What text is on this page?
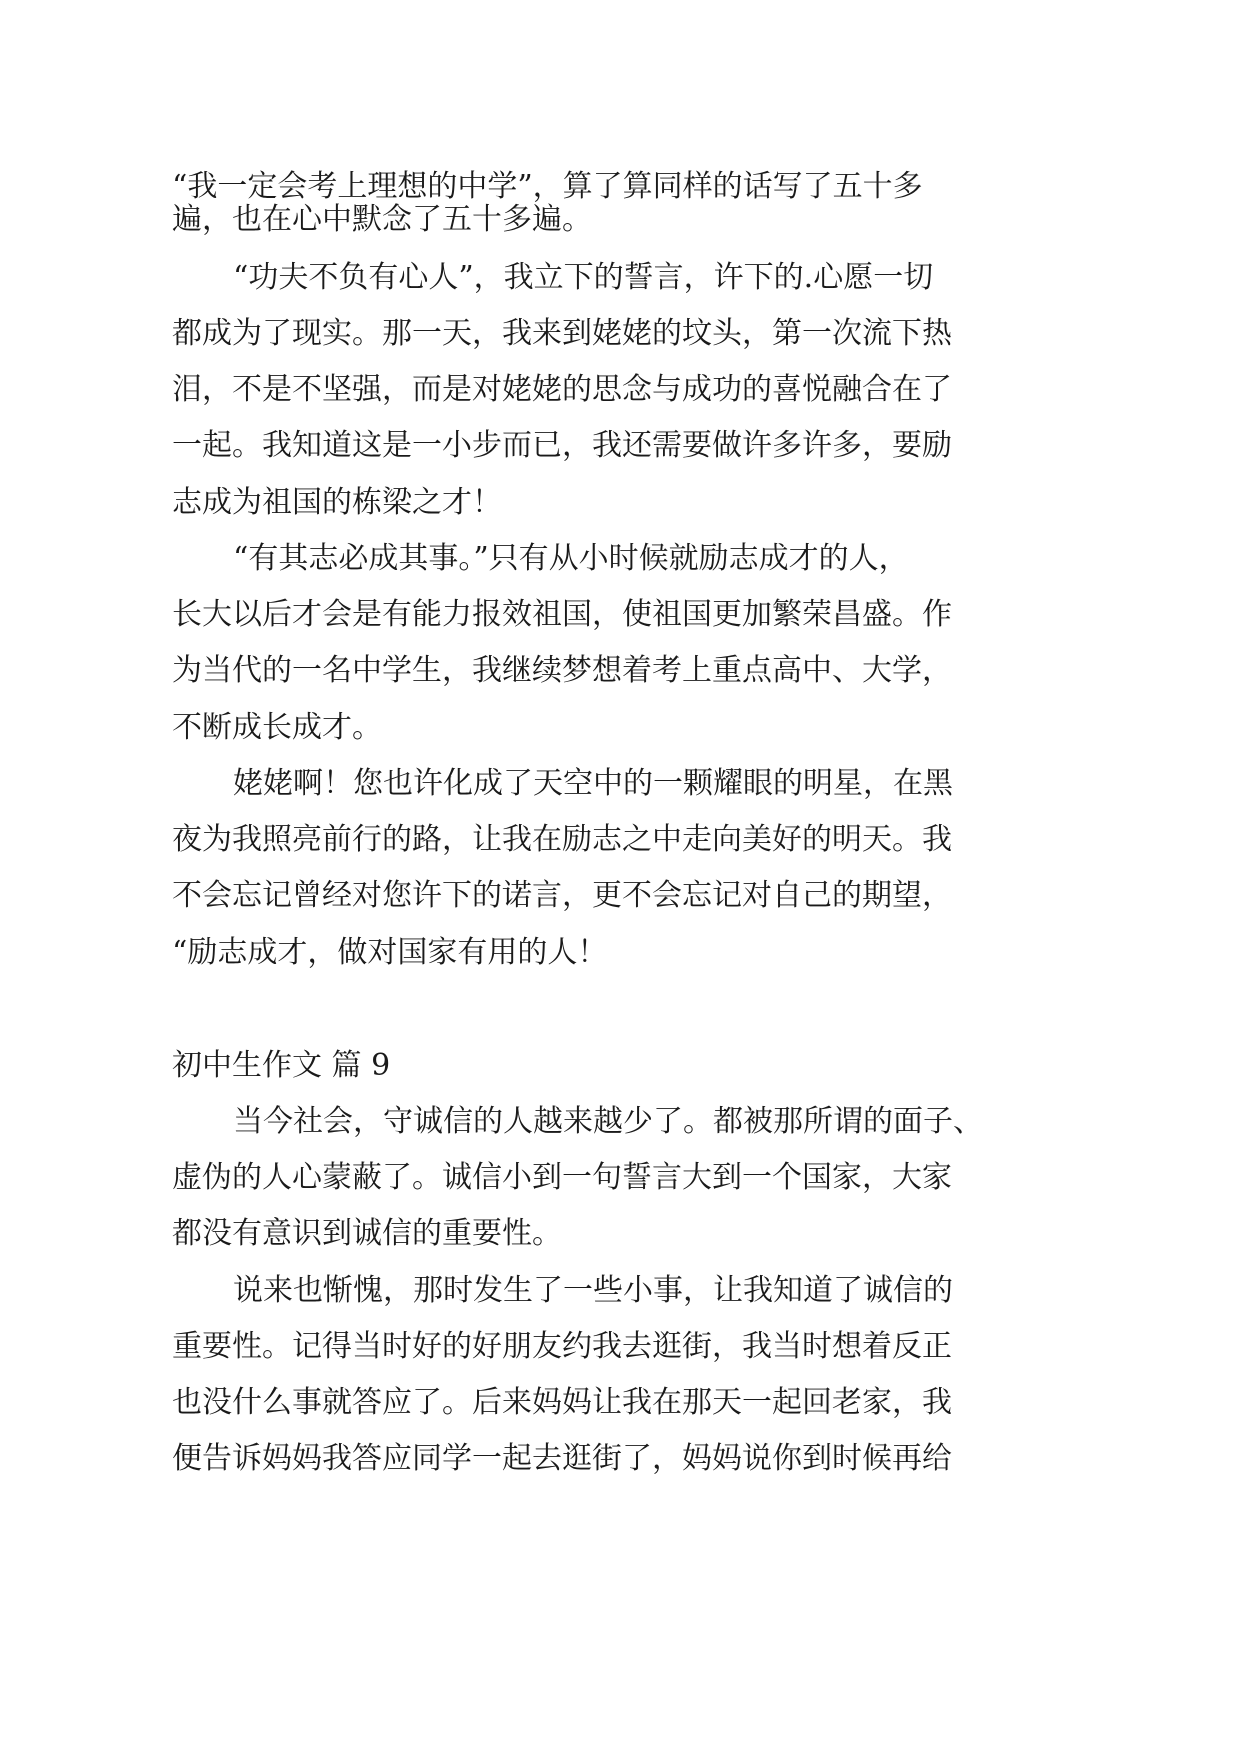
“我一定会考上理想的中学”，算了算同样的话写了五十多
遍，也在心中默念了五十多遍。
“功夫不负有心人”，我立下的誓言，许下的.心愿一切
都成为了现实。那一天，我来到姥姥的坟头，第一次流下热
泪，不是不坚强，而是对姥姥的思念与成功的喜悦融合在了
一起。我知道这是一小步而已，我还需要做许多许多，要励
志成为祖国的栋梁之才！
“有其志必成其事。”只有从小时候就励志成才的人，
长大以后才会是有能力报效祖国，使祖国更加繁荣昌盛。作
为当代的一名中学生，我继续梦想着考上重点高中、大学，
不断成长成才。
姥姥啊！您也许化成了天空中的一颗耀眼的明星，在黑
夜为我照亮前行的路，让我在励志之中走向美好的明天。我
不会忘记曾经对您许下的诺言，更不会忘记对自己的期望，
“励志成才，做对国家有用的人！
初中生作文 篇 9
当今社会，守诚信的人越来越少了。都被那所谓的面子、
虚伪的人心蒙蔽了。诚信小到一句誓言大到一个国家，大家
都没有意识到诚信的重要性。
说来也惭愧，那时发生了一些小事，让我知道了诚信的
重要性。记得当时好的好朋友约我去逛街，我当时想着反正
也没什么事就答应了。后来妈妈让我在那天一起回老家，我
便告诉妈妈我答应同学一起去逛街了，妈妈说你到时候再给
